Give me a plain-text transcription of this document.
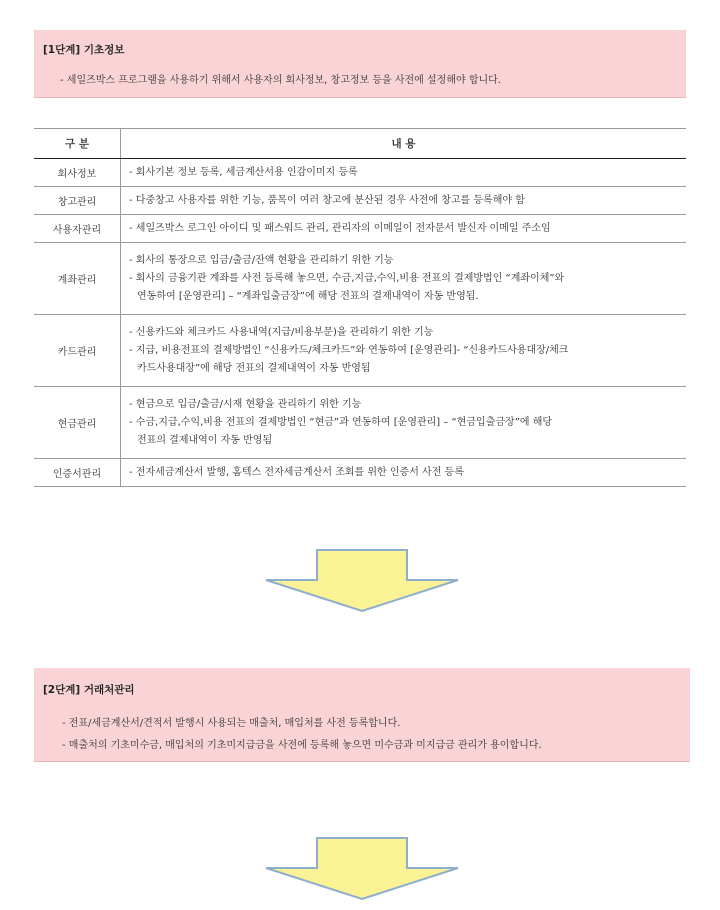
[1단계] 기초정보
- 세일즈박스 프로그램을 사용하기 위해서 사용자의 회사정보, 창고정보 등을 사전에 설정해야 합니다.
구 분	내 용
회사정보	- 회사기본 정보 등록, 세금계산서용 인감이미지 등록

창고관리	- 다중창고 사용자를 위한 기능, 품목이 여러 창고에 분산된 경우 사전에 창고를 등록해야 함

사용자관리	- 세일즈박스 로그인 아이디 및 패스워드 관리, 관리자의 이메일이 전자문서 발신자 이메일 주소임

계좌관리	- 회사의 통장으로 입금/출금/잔액 현황을 관리하기 위한 기능
- 회사의 금융기관 계좌를 사전 등록해 놓으면, 수금,지급,수익,비용 전표의 결제방법인 “계좌이체”와
연동하여 [운영관리] – “계좌입출금장”에 해당 전표의 결제내역이 자동 반영됨.

카드관리	- 신용카드와 체크카드 사용내역(지급/비용부문)을 관리하기 위한 기능
- 지급, 비용전표의 결제방법인 “신용카드/체크카드”와 연동하여 [운영관리]- “신용카드사용대장/체크
카드사용대장”에 해당 전표의 결제내역이 자동 반영됨

현금관리	- 현금으로 입금/출금/시재 현황을 관리하기 위한 기능
- 수금,지급,수익,비용 전표의 결제방법인 “현금”과 연동하여 [운영관리] – “현금입출금장”에 해당
전표의 결제내역이 자동 반영됨

인증서관리	- 전자세금계산서 발행, 홈텍스 전자세금계산서 조회를 위한 인증서 사전 등록
[2단계] 거래처관리
- 전표/세금계산서/견적서 발행시 사용되는 매출처, 매입처를 사전 등록합니다.
- 매출처의 기초미수금, 매입처의 기초미지급금을 사전에 등록해 놓으면 미수금과 미지급금 관리가 용이합니다.
